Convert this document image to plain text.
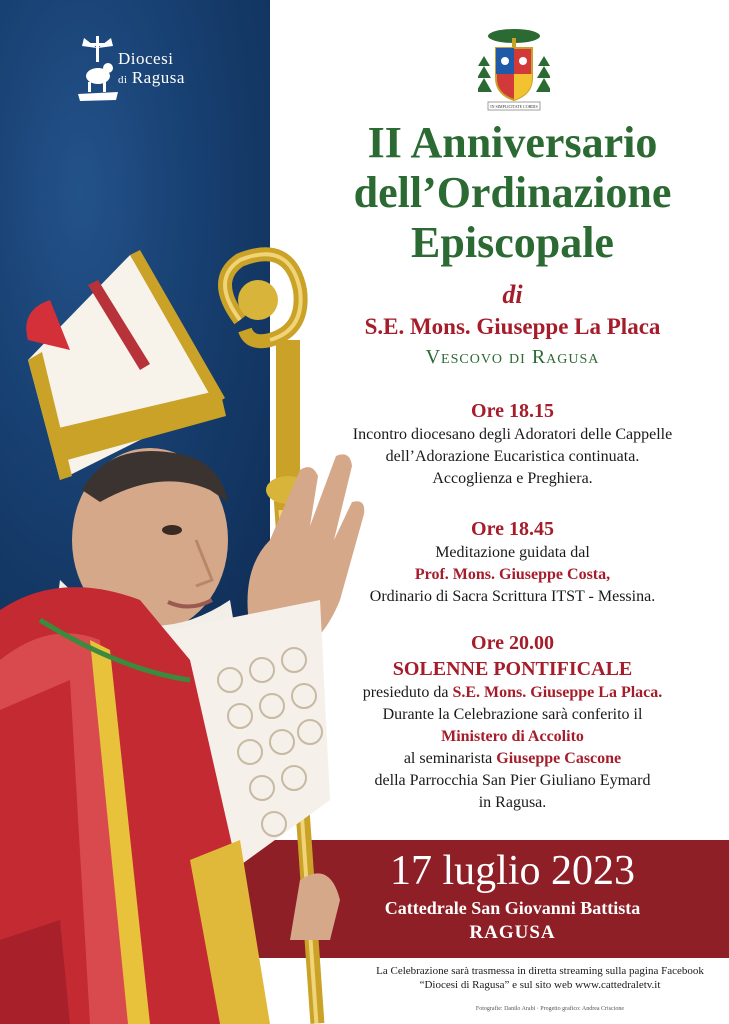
Diocesi
di Ragusa
IN SIMPLICITATE CORDIS
II Anniversario
dell’Ordinazione
Episcopale
di
S.E. Mons. Giuseppe La Placa
Vescovo di Ragusa
Ore 18.15
Incontro diocesano degli Adoratori delle Cappelle
dell’Adorazione Eucaristica continuata.
Accoglienza e Preghiera.
Ore 18.45
Meditazione guidata dal
Prof. Mons. Giuseppe Costa,
Ordinario di Sacra Scrittura ITST - Messina.
Ore 20.00
SOLENNE PONTIFICALE
presieduto da S.E. Mons. Giuseppe La Placa.
Durante la Celebrazione sarà conferito il
Ministero di Accolito
al seminarista Giuseppe Cascone
della Parrocchia San Pier Giuliano Eymard
in Ragusa.
17 luglio 2023
Cattedrale San Giovanni Battista
RAGUSA
La Celebrazione sarà trasmessa in diretta streaming sulla pagina Facebook
“Diocesi di Ragusa” e sul sito web www.cattedraletv.it
Fotografie: Danilo Arabi · Progetto grafico: Andrea Criscione
